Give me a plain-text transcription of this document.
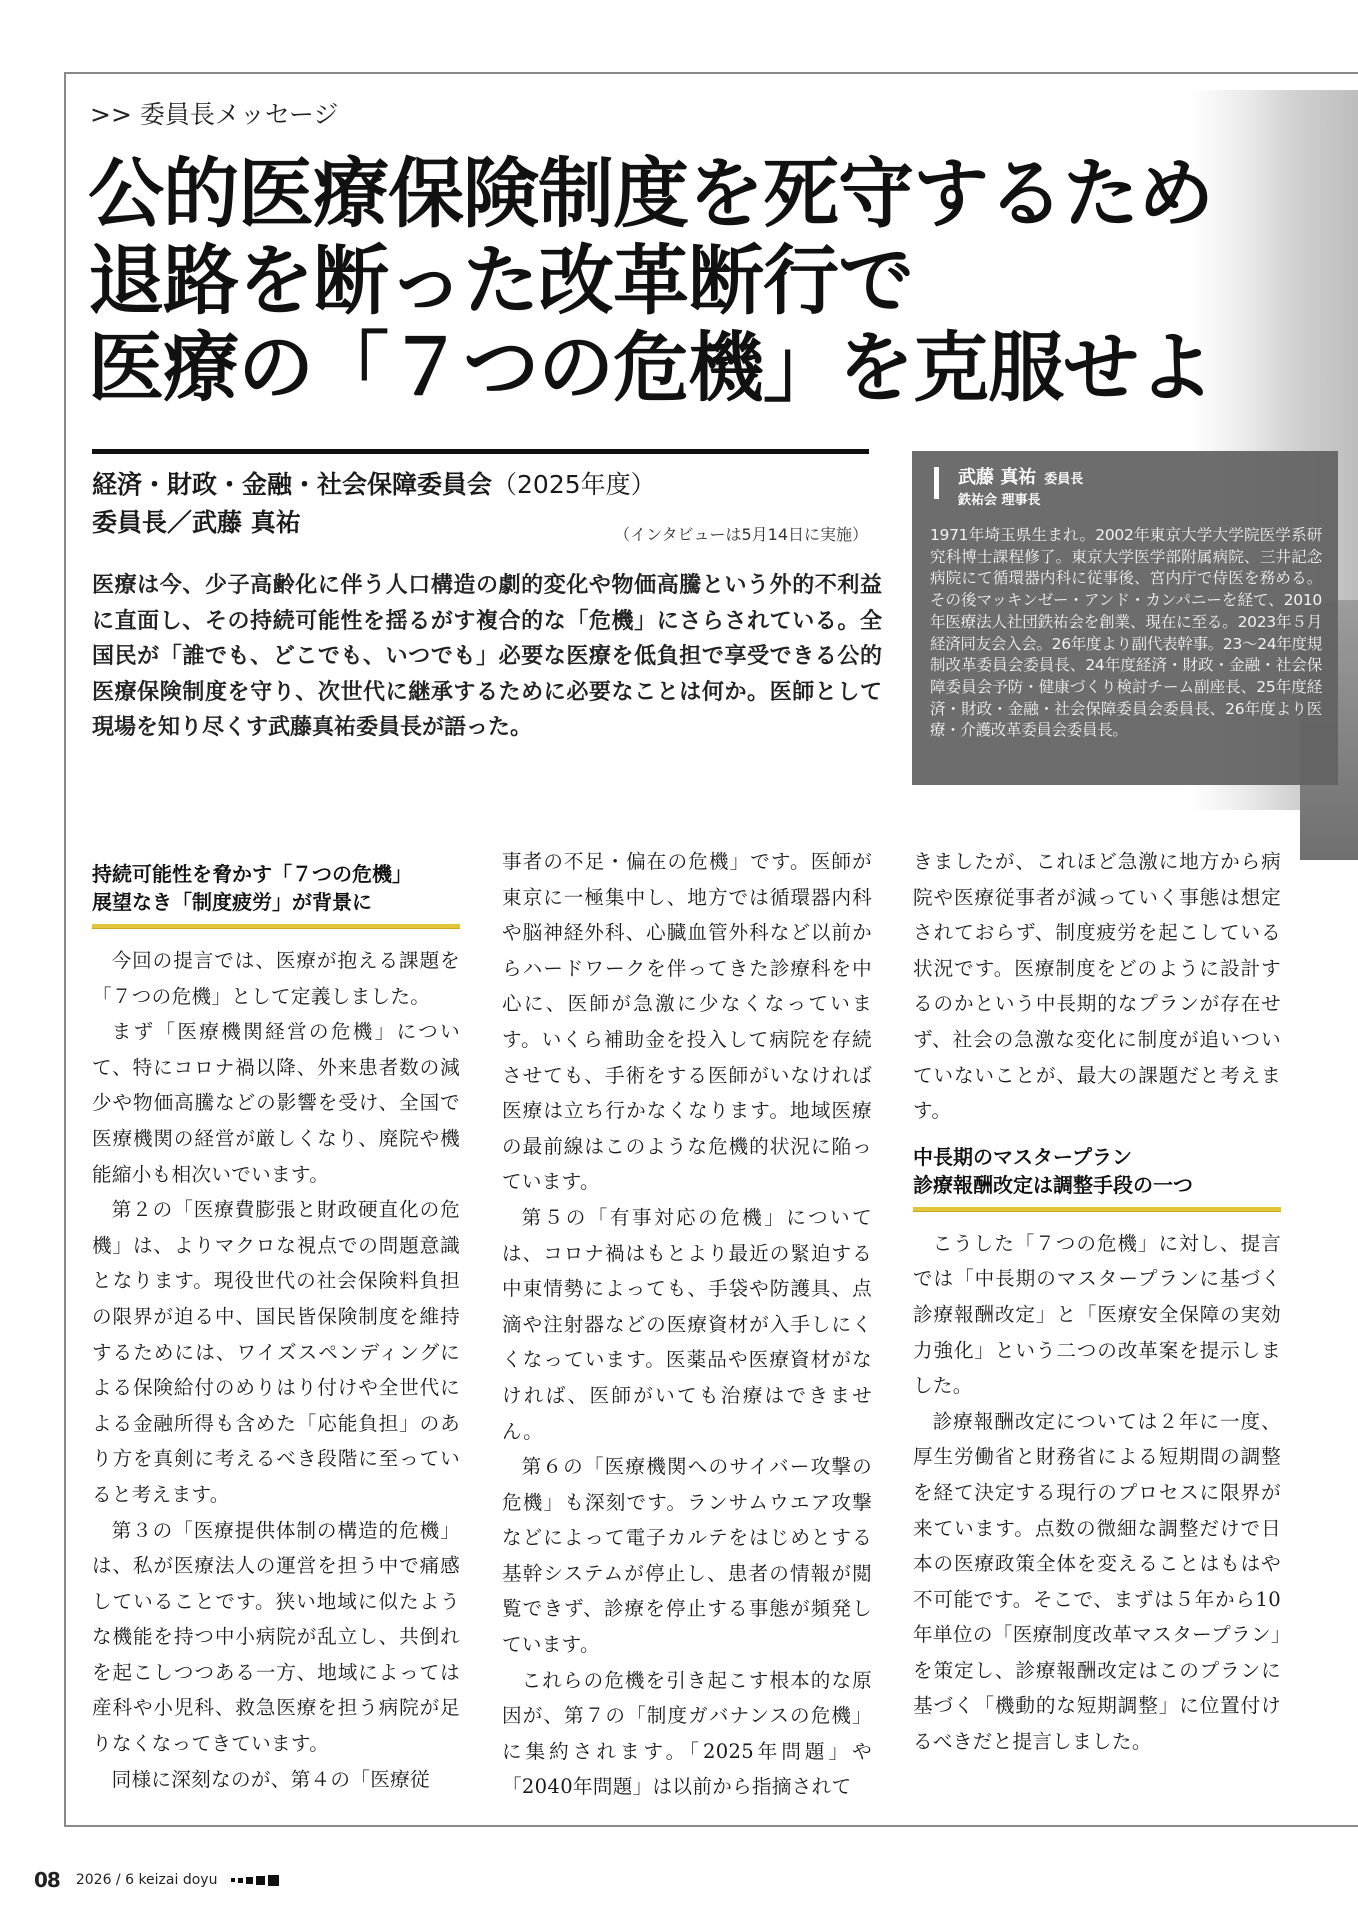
>> 委員長メッセージ
公的医療保険制度を死守するため
退路を断った改革断行で
医療の「７つの危機」を克服せよ
経済・財政・金融・社会保障委員会（2025年度）
委員長／武藤 真祐	（インタビューは5月14日に実施）

医療は今、少子高齢化に伴う人口構造の劇的変化や物価高騰という外的不利益に直面し、その持続可能性を揺るがす複合的な「危機」にさらされている。全国民が「誰でも、どこでも、いつでも」必要な医療を低負担で享受できる公的医療保険制度を守り、次世代に継承するために必要なことは何か。医師として現場を知り尽くす武藤真祐委員長が語った。

武藤 真祐 委員長
鉄祐会 理事長
1971年埼玉県生まれ。2002年東京大学大学院医学系研究科博士課程修了。東京大学医学部附属病院、三井記念病院にて循環器内科に従事後、宮内庁で侍医を務める。その後マッキンゼー・アンド・カンパニーを経て、2010年医療法人社団鉄祐会を創業、現在に至る。2023年５月経済同友会入会。26年度より副代表幹事。23～24年度規制改革委員会委員長、24年度経済・財政・金融・社会保障委員会予防・健康づくり検討チーム副座長、25年度経済・財政・金融・社会保障委員会委員長、26年度より医療・介護改革委員会委員長。
持続可能性を脅かす「７つの危機」
展望なき「制度疲労」が背景に

今回の提言では、医療が抱える課題を「７つの危機」として定義しました。

まず「医療機関経営の危機」について、特にコロナ禍以降、外来患者数の減少や物価高騰などの影響を受け、全国で医療機関の経営が厳しくなり、廃院や機能縮小も相次いでいます。

第２の「医療費膨張と財政硬直化の危機」は、よりマクロな視点での問題意識となります。現役世代の社会保険料負担の限界が迫る中、国民皆保険制度を維持するためには、ワイズスペンディングによる保険給付のめりはり付けや全世代による金融所得も含めた「応能負担」のあり方を真剣に考えるべき段階に至っていると考えます。

第３の「医療提供体制の構造的危機」は、私が医療法人の運営を担う中で痛感していることです。狭い地域に似たような機能を持つ中小病院が乱立し、共倒れを起こしつつある一方、地域によっては産科や小児科、救急医療を担う病院が足りなくなってきています。

同様に深刻なのが、第４の「医療従

事者の不足・偏在の危機」です。医師が東京に一極集中し、地方では循環器内科や脳神経外科、心臓血管外科など以前からハードワークを伴ってきた診療科を中心に、医師が急激に少なくなっています。いくら補助金を投入して病院を存続させても、手術をする医師がいなければ医療は立ち行かなくなります。地域医療の最前線はこのような危機的状況に陥っています。

第５の「有事対応の危機」については、コロナ禍はもとより最近の緊迫する中東情勢によっても、手袋や防護具、点滴や注射器などの医療資材が入手しにくくなっています。医薬品や医療資材がなければ、医師がいても治療はできません。

第６の「医療機関へのサイバー攻撃の危機」も深刻です。ランサムウエア攻撃などによって電子カルテをはじめとする基幹システムが停止し、患者の情報が閲覧できず、診療を停止する事態が頻発しています。

これらの危機を引き起こす根本的な原因が、第７の「制度ガバナンスの危機」に集約されます。「2025年問題」や「2040年問題」は以前から指摘されて

きましたが、これほど急激に地方から病院や医療従事者が減っていく事態は想定されておらず、制度疲労を起こしている状況です。医療制度をどのように設計するのかという中長期的なプランが存在せず、社会の急激な変化に制度が追いついていないことが、最大の課題だと考えます。

中長期のマスタープラン
診療報酬改定は調整手段の一つ

こうした「７つの危機」に対し、提言では「中長期のマスタープランに基づく診療報酬改定」と「医療安全保障の実効力強化」という二つの改革案を提示しました。

診療報酬改定については２年に一度、厚生労働省と財務省による短期間の調整を経て決定する現行のプロセスに限界が来ています。点数の微細な調整だけで日本の医療政策全体を変えることはもはや不可能です。そこで、まずは５年から10年単位の「医療制度改革マスタープラン」を策定し、診療報酬改定はこのプランに基づく「機動的な短期調整」に位置付けるべきだと提言しました。

08 2026 / 6 keizai doyu
